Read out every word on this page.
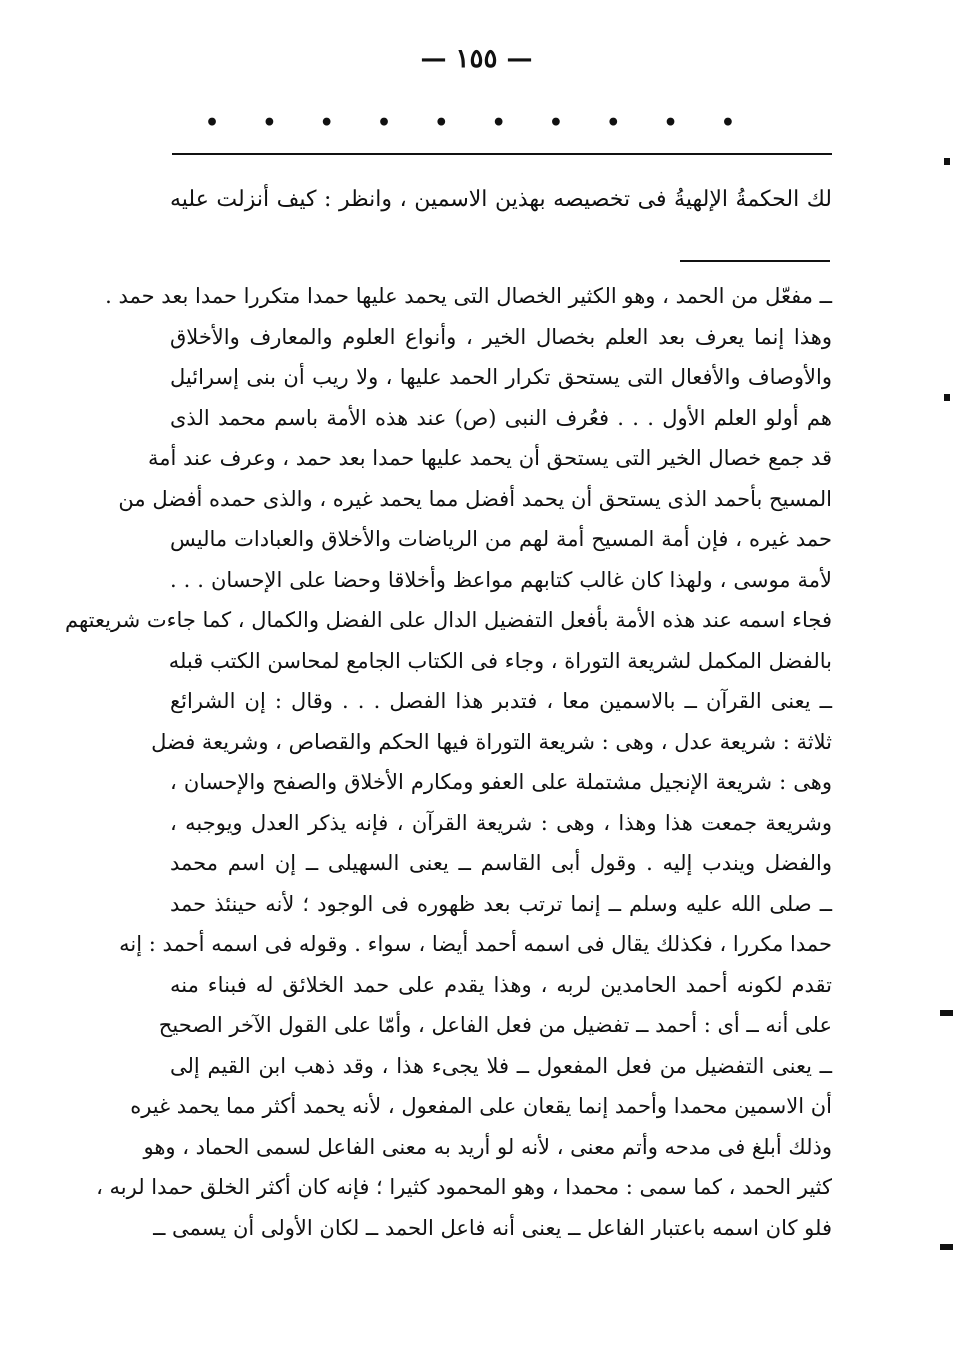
— ١٥٥ —
• • • • • • • • • •
لك الحكمةُ الإلهيةُ فى تخصيصه بهذين الاسمين ، وانظر : كيف أنزلت عليه
ــ مفعّل من الحمد ، وهو الكثير الخصال التى يحمد عليها حمدا متكررا حمدا بعد حمد .
وهذا إنما يعرف بعد العلم بخصال الخير ، وأنواع العلوم والمعارف والأخلاق
والأوصاف والأفعال التى يستحق تكرار الحمد عليها ، ولا ريب أن بنى إسرائيل
هم أولو العلم الأول . . . فعُرف النبى (ص) عند هذه الأمة باسم محمد الذى
قد جمع خصال الخير التى يستحق أن يحمد عليها حمدا بعد حمد ، وعرف عند أمة
المسيح بأحمد الذى يستحق أن يحمد أفضل مما يحمد غيره ، والذى حمده أفضل من
حمد غيره ، فإن أمة المسيح أمة لهم من الرياضات والأخلاق والعبادات ماليس
لأمة موسى ، ولهذا كان غالب كتابهم مواعظ وأخلاقا وحضا على الإحسان . . .
فجاء اسمه عند هذه الأمة بأفعل التفضيل الدال على الفضل والكمال ، كما جاءت شريعتهم
بالفضل المكمل لشريعة التوراة ، وجاء فى الكتاب الجامع لمحاسن الكتب قبله
ــ يعنى القرآن ــ بالاسمين معا ، فتدبر هذا الفصل . . . وقال : إن الشرائع
ثلاثة : شريعة عدل ، وهى : شريعة التوراة فيها الحكم والقصاص ، وشريعة فضل
وهى : شريعة الإنجيل مشتملة على العفو ومكارم الأخلاق والصفح والإحسان ،
وشريعة جمعت هذا وهذا ، وهى : شريعة القرآن ، فإنه يذكر العدل ويوجبه ،
والفضل ويندب إليه . وقول أبى القاسم ــ يعنى السهيلى ــ إن اسم محمد
ــ صلى الله عليه وسلم ــ إنما ترتب بعد ظهوره فى الوجود ؛ لأنه حينئذ حمد
حمدا مكررا ، فكذلك يقال فى اسمه أحمد أيضا ، سواء . وقوله فى اسمه أحمد : إنه
تقدم لكونه أحمد الحامدين لربه ، وهذا يقدم على حمد الخلائق له فبناء منه
على أنه ــ أى : أحمد ــ تفضيل من فعل الفاعل ، وأمّا على القول الآخر الصحيح
ــ يعنى التفضيل من فعل المفعول ــ فلا يجىء هذا ، وقد ذهب ابن القيم إلى
أن الاسمين محمدا وأحمد إنما يقعان على المفعول ، لأنه يحمد أكثر مما يحمد غيره
وذلك أبلغ فى مدحه وأتم معنى ، لأنه لو أريد به معنى الفاعل لسمى الحماد ، وهو
كثير الحمد ، كما سمى : محمدا ، وهو المحمود كثيرا ؛ فإنه كان أكثر الخلق حمدا لربه ،
فلو كان اسمه باعتبار الفاعل ــ يعنى أنه فاعل الحمد ــ لكان الأولى أن يسمى ــ
